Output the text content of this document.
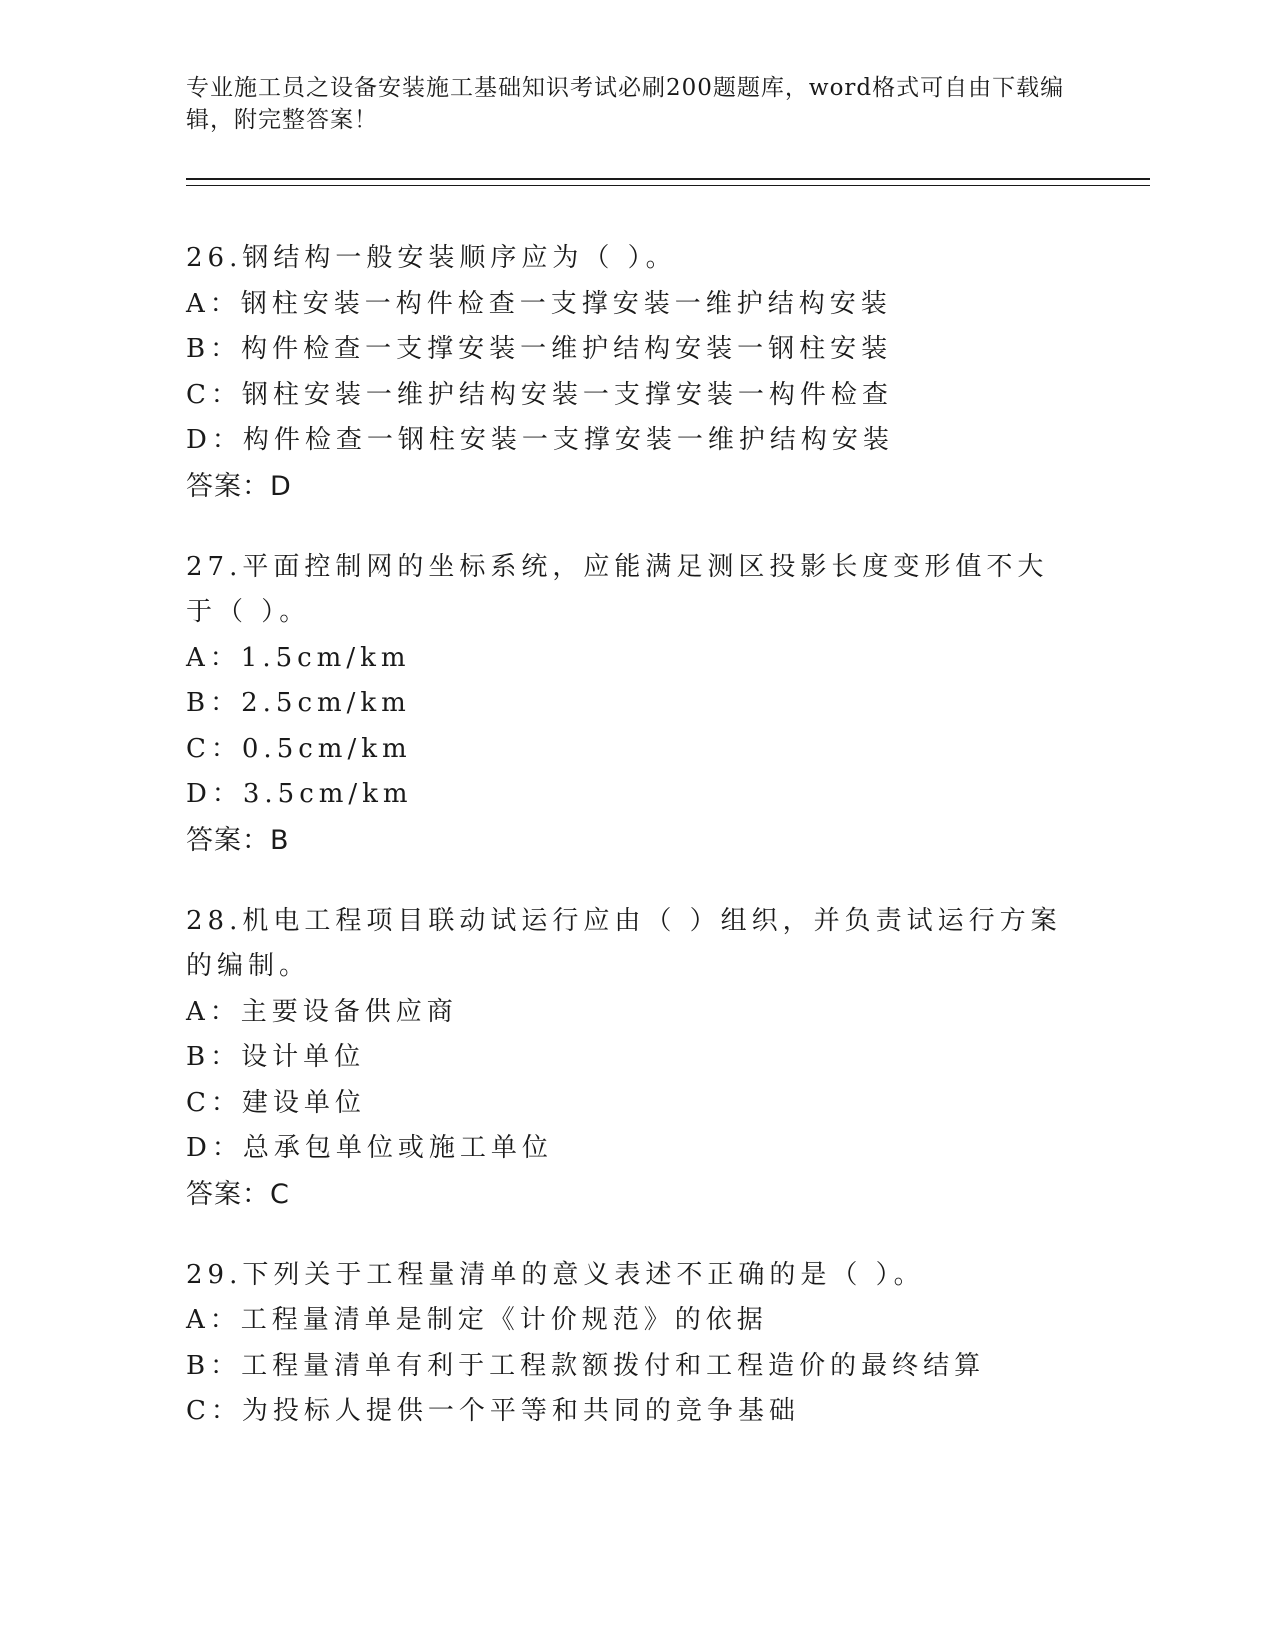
专业施工员之设备安装施工基础知识考试必刷200题题库，word格式可自由下载编辑，附完整答案！

26.钢结构一般安装顺序应为（ ）。

A：钢柱安装一构件检查一支撑安装一维护结构安装

B：构件检查一支撑安装一维护结构安装一钢柱安装

C：钢柱安装一维护结构安装一支撑安装一构件检查

D：构件检查一钢柱安装一支撑安装一维护结构安装

答案：D

27.平面控制网的坐标系统，应能满足测区投影长度变形值不大于（ ）。

A：1.5cm/km

B：2.5cm/km

C：0.5cm/km

D：3.5cm/km

答案：B

28.机电工程项目联动试运行应由（ ）组织，并负责试运行方案的编制。

A：主要设备供应商

B：设计单位

C：建设单位

D：总承包单位或施工单位

答案：C

29.下列关于工程量清单的意义表述不正确的是（ ）。

A：工程量清单是制定《计价规范》的依据

B：工程量清单有利于工程款额拨付和工程造价的最终结算

C：为投标人提供一个平等和共同的竞争基础
